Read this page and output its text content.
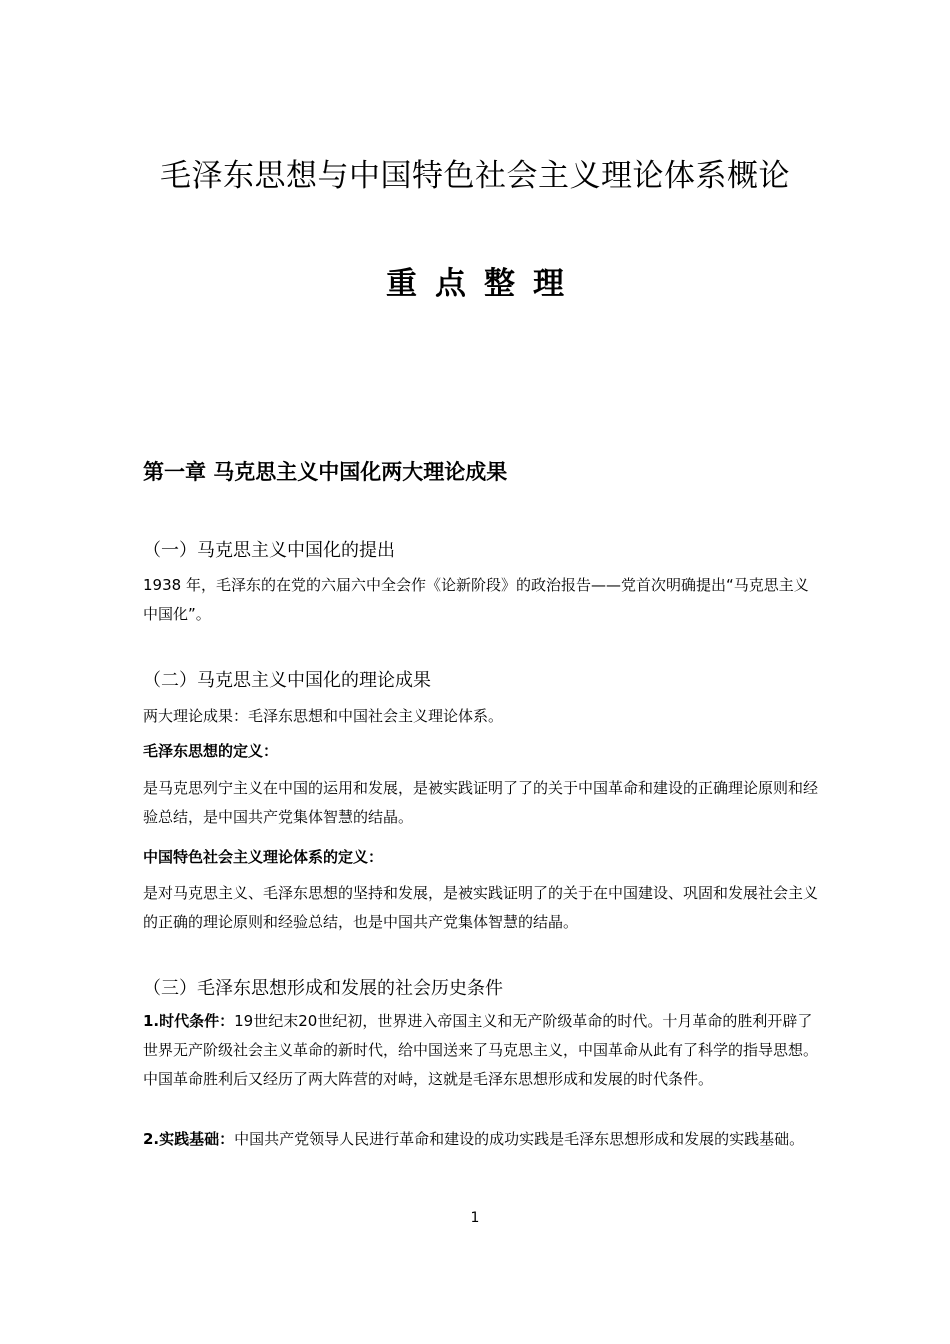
毛泽东思想与中国特色社会主义理论体系概论
重点整理
第一章 马克思主义中国化两大理论成果
（一）马克思主义中国化的提出
1938 年，毛泽东的在党的六届六中全会作《论新阶段》的政治报告——党首次明确提出“马克思主义中国化”。
（二）马克思主义中国化的理论成果
两大理论成果：毛泽东思想和中国社会主义理论体系。
毛泽东思想的定义：
是马克思列宁主义在中国的运用和发展，是被实践证明了了的关于中国革命和建设的正确理论原则和经验总结，是中国共产党集体智慧的结晶。
中国特色社会主义理论体系的定义：
是对马克思主义、毛泽东思想的坚持和发展，是被实践证明了的关于在中国建设、巩固和发展社会主义的正确的理论原则和经验总结，也是中国共产党集体智慧的结晶。
（三）毛泽东思想形成和发展的社会历史条件
1.时代条件：19世纪末20世纪初，世界进入帝国主义和无产阶级革命的时代。十月革命的胜利开辟了世界无产阶级社会主义革命的新时代，给中国送来了马克思主义，中国革命从此有了科学的指导思想。中国革命胜利后又经历了两大阵营的对峙，这就是毛泽东思想形成和发展的时代条件。
2.实践基础：中国共产党领导人民进行革命和建设的成功实践是毛泽东思想形成和发展的实践基础。
1
